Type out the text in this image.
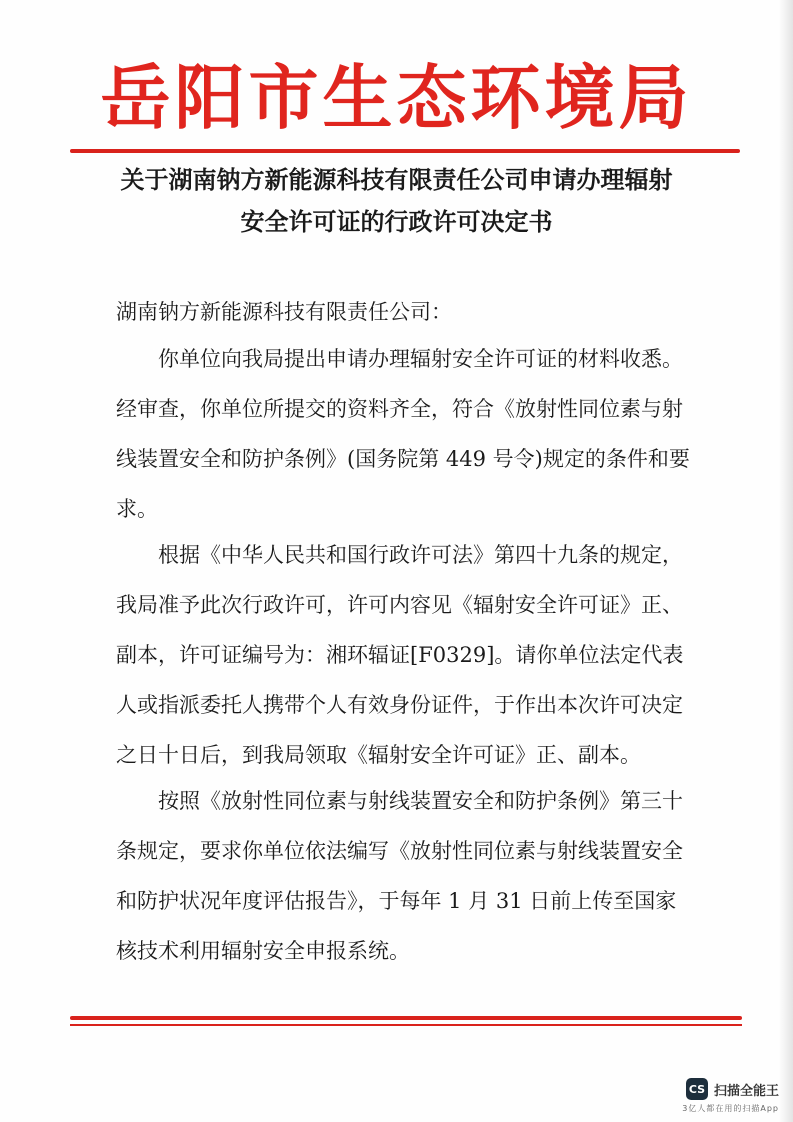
岳阳市生态环境局
关于湖南钠方新能源科技有限责任公司申请办理辐射
安全许可证的行政许可决定书
湖南钠方新能源科技有限责任公司：
　　你单位向我局提出申请办理辐射安全许可证的材料收悉。
经审查，你单位所提交的资料齐全，符合《放射性同位素与射
线装置安全和防护条例》(国务院第 449 号令)规定的条件和要
求。
　　根据《中华人民共和国行政许可法》第四十九条的规定，
我局准予此次行政许可，许可内容见《辐射安全许可证》正、
副本，许可证编号为：湘环辐证[F0329]。请你单位法定代表
人或指派委托人携带个人有效身份证件，于作出本次许可决定
之日十日后，到我局领取《辐射安全许可证》正、副本。
　　按照《放射性同位素与射线装置安全和防护条例》第三十
条规定，要求你单位依法编写《放射性同位素与射线装置安全
和防护状况年度评估报告》，于每年 1 月 31 日前上传至国家
核技术利用辐射安全申报系统。
CS 扫描全能王
3亿人都在用的扫描App
